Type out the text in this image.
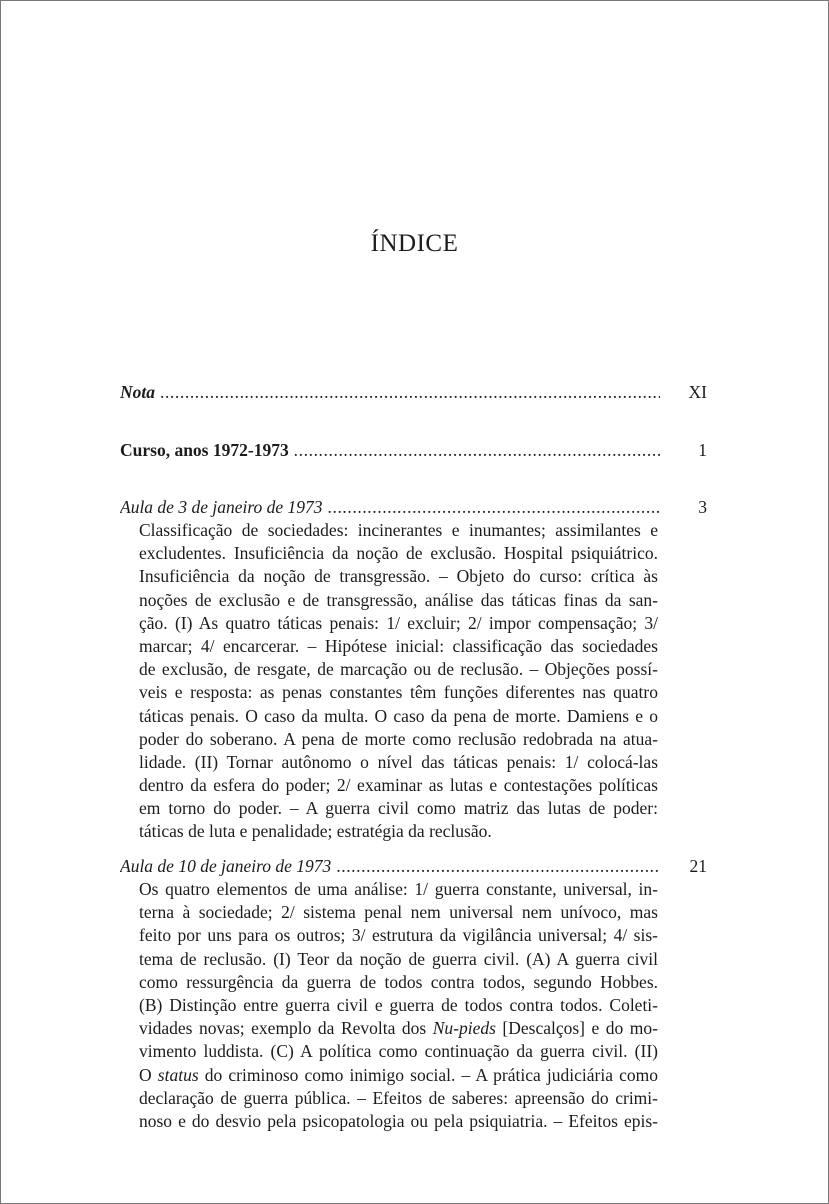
ÍNDICE
Nota .....	XI
Curso, anos 1972-1973 .....	1
Aula de 3 de janeiro de 1973 .....	3
Classificação de sociedades: incinerantes e inumantes; assimilantes e
excludentes. Insuficiência da noção de exclusão. Hospital psiquiátrico.
Insuficiência da noção de transgressão. – Objeto do curso: crítica às
noções de exclusão e de transgressão, análise das táticas finas da san-
ção. (I) As quatro táticas penais: 1/ excluir; 2/ impor compensação; 3/
marcar; 4/ encarcerar. – Hipótese inicial: classificação das sociedades
de exclusão, de resgate, de marcação ou de reclusão. – Objeções possí-
veis e resposta: as penas constantes têm funções diferentes nas quatro
táticas penais. O caso da multa. O caso da pena de morte. Damiens e o
poder do soberano. A pena de morte como reclusão redobrada na atua-
lidade. (II) Tornar autônomo o nível das táticas penais: 1/ colocá-las
dentro da esfera do poder; 2/ examinar as lutas e contestações políticas
em torno do poder. – A guerra civil como matriz das lutas de poder:
táticas de luta e penalidade; estratégia da reclusão.
Aula de 10 de janeiro de 1973 .....	21
Os quatro elementos de uma análise: 1/ guerra constante, universal, in-
terna à sociedade; 2/ sistema penal nem universal nem unívoco, mas
feito por uns para os outros; 3/ estrutura da vigilância universal; 4/ sis-
tema de reclusão. (I) Teor da noção de guerra civil. (A) A guerra civil
como ressurgência da guerra de todos contra todos, segundo Hobbes.
(B) Distinção entre guerra civil e guerra de todos contra todos. Coleti-
vidades novas; exemplo da Revolta dos Nu-pieds [Descalços] e do mo-
vimento luddista. (C) A política como continuação da guerra civil. (II)
O status do criminoso como inimigo social. – A prática judiciária como
declaração de guerra pública. – Efeitos de saberes: apreensão do crimi-
noso e do desvio pela psicopatologia ou pela psiquiatria. – Efeitos epis-
